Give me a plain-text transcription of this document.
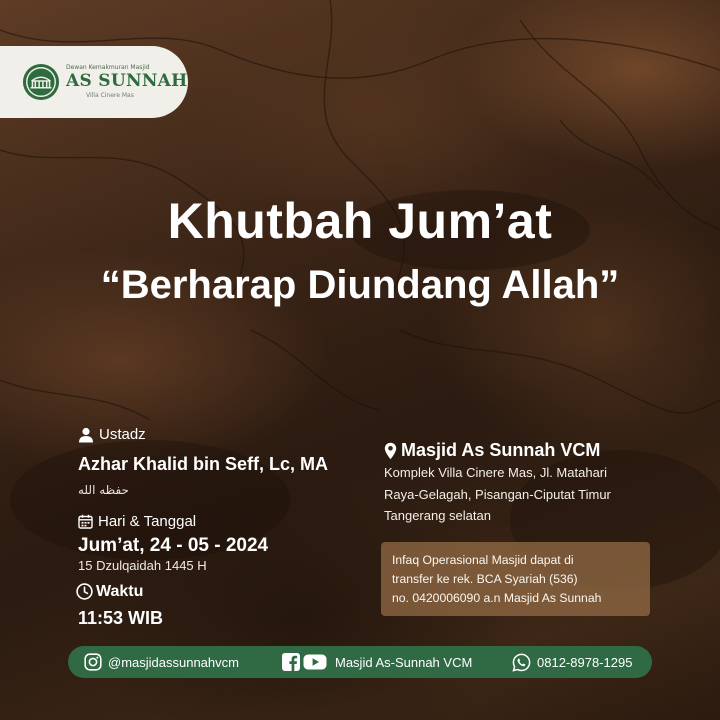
Dewan Kemakmuran Masjid
AS SUNNAH
Villa Cinere Mas
Khutbah Jum’at
“Berharap Diundang Allah”
Ustadz
Azhar Khalid bin Seff, Lc, MA
حفظه الله
Hari & Tanggal
Jum’at, 24 - 05 - 2024
15 Dzulqaidah 1445 H
Waktu
11:53 WIB
Masjid As Sunnah VCM
Komplek Villa Cinere Mas, Jl. Matahari
Raya-Gelagah, Pisangan-Ciputat Timur
Tangerang selatan
Infaq Operasional Masjid dapat di
transfer ke rek. BCA Syariah (536)
no. 0420006090 a.n Masjid As Sunnah
@masjidassunnahvcm	Masjid As-Sunnah VCM	0812-8978-1295
